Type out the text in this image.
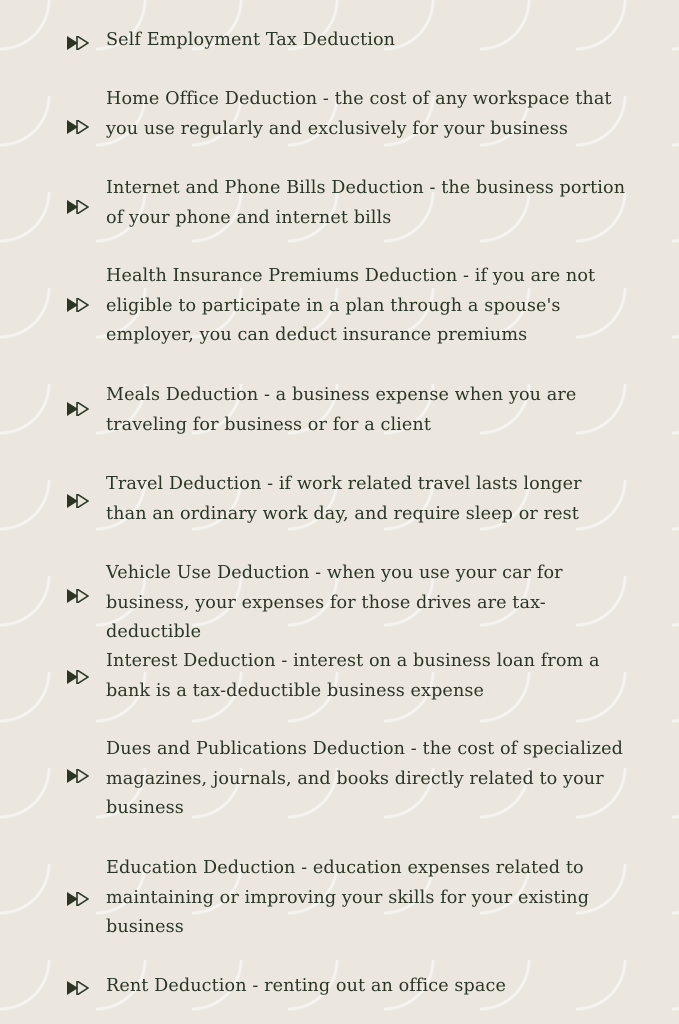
Self Employment Tax Deduction
Home Office Deduction - the cost of any workspace that you use regularly and exclusively for your business
Internet and Phone Bills Deduction - the business portion of your phone and internet bills
Health Insurance Premiums Deduction - if you are not eligible to participate in a plan through a spouse's employer, you can deduct insurance premiums
Meals Deduction - a business expense when you are traveling for business or for a client
Travel Deduction - if work related travel lasts longer than an ordinary work day, and require sleep or rest
Vehicle Use Deduction - when you use your car for business, your expenses for those drives are tax-deductible
Interest Deduction - interest on a business loan from a bank is a tax-deductible business expense
Dues and Publications Deduction - the cost of specialized magazines, journals, and books directly related to your business
Education Deduction - education expenses related to maintaining or improving your skills for your existing business
Rent Deduction - renting out an office space
